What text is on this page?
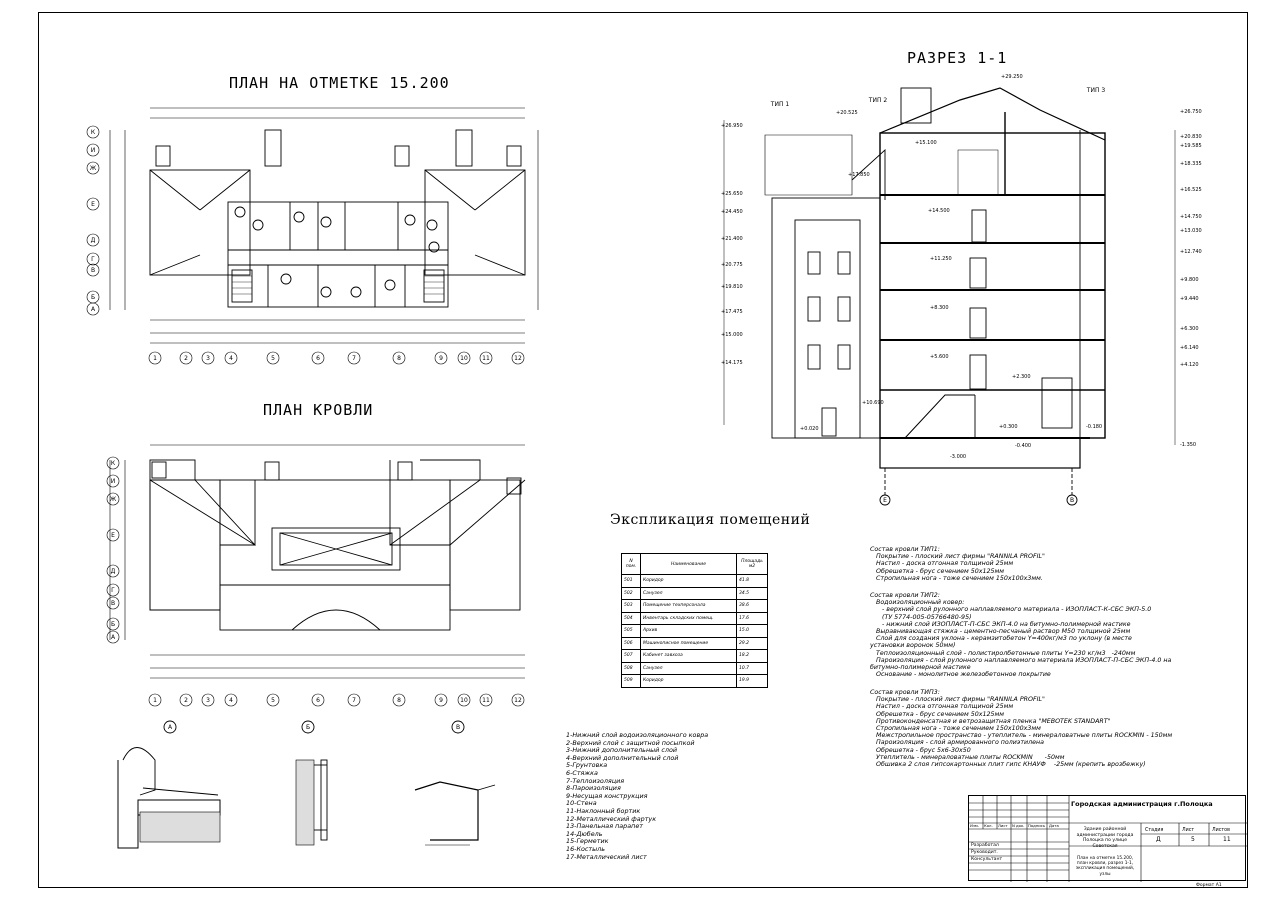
ПЛАН НА ОТМЕТКЕ 15.200
ПЛАН КРОВЛИ
РАЗРЕЗ 1-1
Экспликация помещений
1	2	3	4	5	6	7	8	9	10 11	12
1	2	3	4	5	6	7	8	9	10 11	12
К
И
Ж
Е
Д
Г
В
Б
А
К
И
Ж
Е
Д
Г
В
Б
А
ТИП 1
ТИП 2
ТИП 3
Е	В
А	Б	В
+26.950
+25.650
+24.450
+21.400
+20.775
+19.810
+17.475
+15.000
+14.175
+10.690
+0.020
+29.250
+20.525
+17.850
+15.100
+14.500
+11.250
+8.300
+5.600
+2.300
+0.300
-0.400
-3.000
-0.180
-1.350
+26.750
+20.830
+19.585
+18.335
+16.525
+14.750
+13.030
+12.740
+9.800
+9.440
+6.300
+6.140
+4.120
N пом.	Наименование	Площадь м2
501	Коридор	41.8
502	Санузел	34.5
503	Помещение техперсонала	38.6
504	Инвентарь складских помещ.	17.6
505	Архив	15.0
506	Машинописное помещение	29.2
507	Кабинет завхоза	18.2
508	Санузел	10.7
509	Коридор	19.9
Состав кровли ТИП1:
Покрытие - плоский лист фирмы "RANNILA PROFIL"
Настил - доска отгонная толщиной 25мм
Обрешетка - брус сечением 50х125мм
Стропильная нога - тоже сечением 150х100х3мм.
Состав кровли ТИП2:
Водоизоляционный ковер:
- верхний слой рулонного наплавляемого материала - ИЗОПЛАСТ-К-СБС ЭКП-5.0
(ТУ 5774-005-05766480-95)
- нижний слой ИЗОПЛАСТ-П-СБС ЭКП-4.0 на битумно-полимерной мастике
Выравнивающая стяжка - цементно-песчаный раствор М50 толщиной 25мм
Слой для создания уклона - керамзитобетон Y=400кг/м3 по уклону (в месте
установки воронок 50мм)
Теплоизоляционный слой - полистиролбетонные плиты Y=230 кг/м3   -240мм
Пароизоляция - слой рулонного наплавляемого материала ИЗОПЛАСТ-П-СБС ЭКП-4.0 на
битумно-полимерной мастике
Основание - монолитное железобетонное покрытие
Состав кровли ТИП3:
Покрытие - плоский лист фирмы "RANNILA PROFIL"
Настил - доска отгонная толщиной 25мм
Обрешетка - брус сечением 50х125мм
Противоконденсатная и ветрозащитная пленка "MEBOTEK STANDART"
Стропильная нога - тоже сечением 150х100х3мм
Межстропильное пространство - утеплитель - минераловатные плиты ROCKMIN - 150мм
Пароизоляция - слой армированного полиэтилена
Обрешетка - брус 5х6-30х50
Утеплитель - минераловатные плиты ROCKMIN      -50мм
Обшивка 2 слоя гипсокартонных плит гипс КНАУФ    -25мм (крепить врозбежку)
1-Нижний слой водоизоляционного ковра
2-Верхний слой с защитной посыпкой
3-Нижний дополнительный слой
4-Верхний дополнительный слой
5-Грунтовка
6-Стяжка
7-Теплоизоляция
8-Пароизоляция
9-Несущая конструкция
10-Стена
11-Наклонный бортик
12-Металлический фартук
13-Панельная парапет
14-Дюбель
15-Герметик
16-Костыль
17-Металлический лист
Городская администрация г.Полоцка
Здание районной администрации города Полоцка по улице Советская
План на отметке 15.200, план кровли, разрез 1-1, экспликация помещений, узлы
Стадия	Лист	Листов
Д	5	11
Изм. Кол. Лист N док. Подпись Дата
Разработал
Руководит.
Консультант
Формат А1
